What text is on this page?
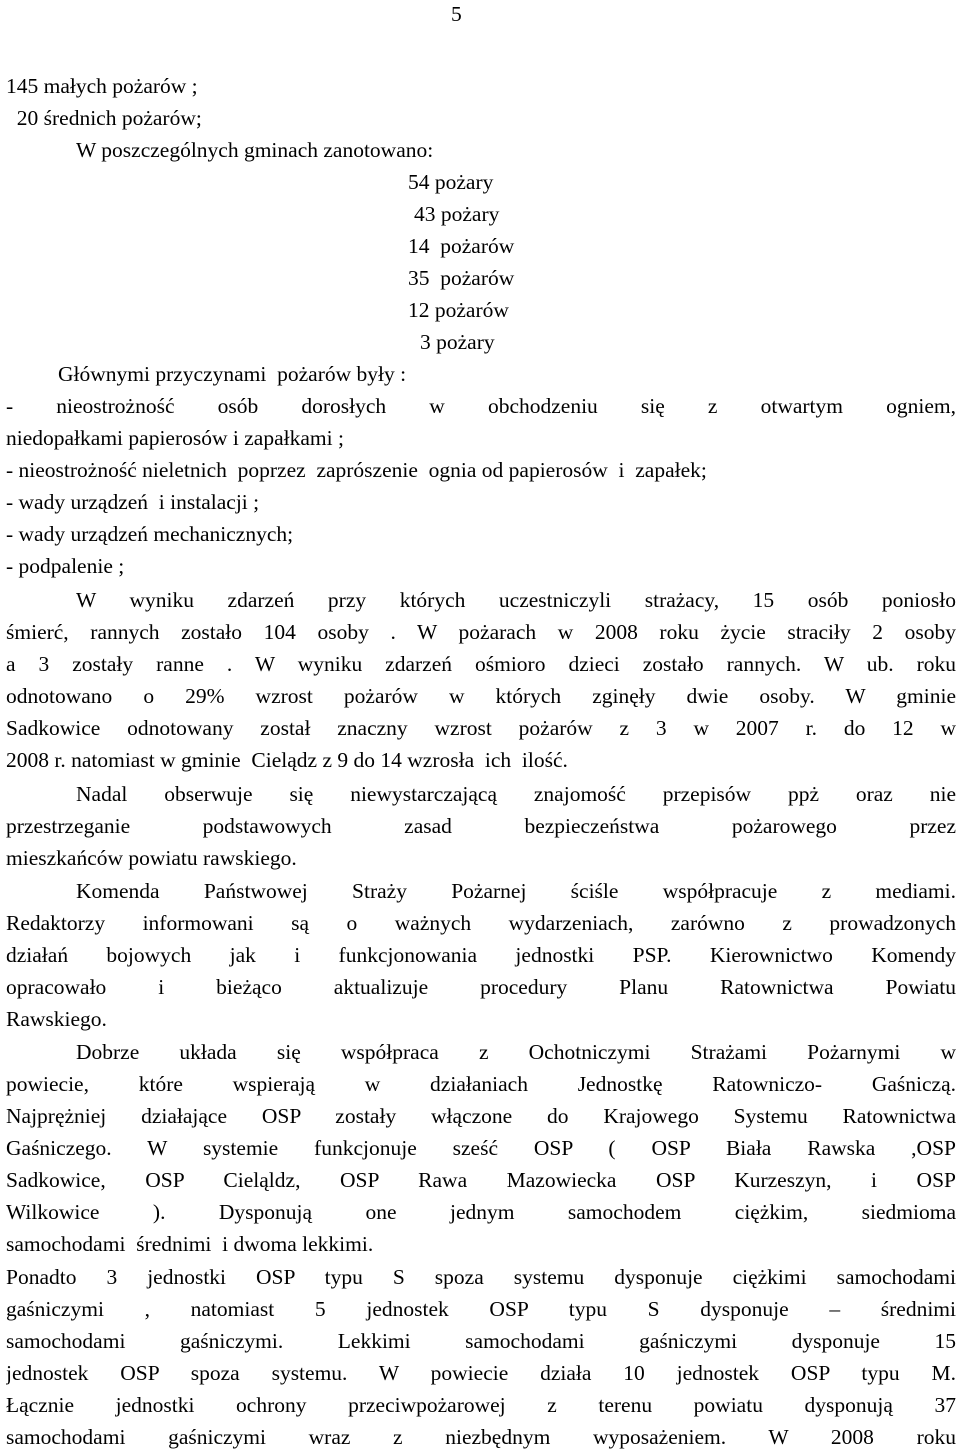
5
145 małych pożarów ;
20 średnich pożarów;
W poszczególnych gminach zanotowano:

54 pożary

43 pożary

14  pożarów

35  pożarów

12 pożarów

3 pożary

Głównymi przyczynami  pożarów były :
- nieostrożność osób dorosłych w obchodzeniu się z otwartym ogniem,
niedopałkami papierosów i zapałkami ;
- nieostrożność nieletnich  poprzez  zaprószenie  ognia od papierosów  i  zapałek;
- wady urządzeń  i instalacji ;
- wady urządzeń mechanicznych;
- podpalenie ;
W wyniku zdarzeń przy których uczestniczyli strażacy, 15 osób poniosło
śmierć, rannych zostało 104 osoby . W pożarach w 2008 roku życie straciły 2 osoby
a 3 zostały ranne . W wyniku zdarzeń ośmioro dzieci zostało rannych. W ub. roku
odnotowano o 29% wzrost pożarów w których zginęły dwie osoby. W gminie
Sadkowice odnotowany został znaczny wzrost pożarów z 3 w 2007 r. do 12 w
2008 r. natomiast w gminie  Cielądz z 9 do 14 wzrosła  ich  ilość.
Nadal obserwuje się niewystarczającą znajomość przepisów ppż oraz nie
przestrzeganie podstawowych zasad bezpieczeństwa pożarowego przez
mieszkańców powiatu rawskiego.
Komenda Państwowej Straży Pożarnej ściśle współpracuje z mediami.
Redaktorzy informowani są o ważnych wydarzeniach, zarówno z prowadzonych
działań bojowych jak i funkcjonowania jednostki PSP. Kierownictwo Komendy
opracowało i bieżąco aktualizuje procedury Planu Ratownictwa Powiatu
Rawskiego.
Dobrze układa się współpraca z Ochotniczymi Strażami Pożarnymi w
powiecie, które wspierają w działaniach Jednostkę Ratowniczo- Gaśniczą.
Najprężniej działające OSP zostały włączone do Krajowego Systemu Ratownictwa
Gaśniczego. W systemie funkcjonuje sześć OSP ( OSP Biała Rawska ,OSP
Sadkowice, OSP Cieląldz, OSP Rawa Mazowiecka OSP Kurzeszyn, i OSP
Wilkowice ). Dysponują one jednym samochodem ciężkim, siedmioma
samochodami  średnimi  i dwoma lekkimi.
Ponadto 3 jednostki OSP typu S spoza systemu dysponuje ciężkimi samochodami
gaśniczymi , natomiast 5 jednostek OSP typu S dysponuje – średnimi
samochodami gaśniczymi. Lekkimi samochodami gaśniczymi dysponuje 15
jednostek OSP spoza systemu. W powiecie działa 10 jednostek OSP typu M.
Łącznie jednostki ochrony przeciwpożarowej z terenu powiatu dysponują 37
samochodami gaśniczymi wraz z niezbędnym wyposażeniem. W 2008 roku
